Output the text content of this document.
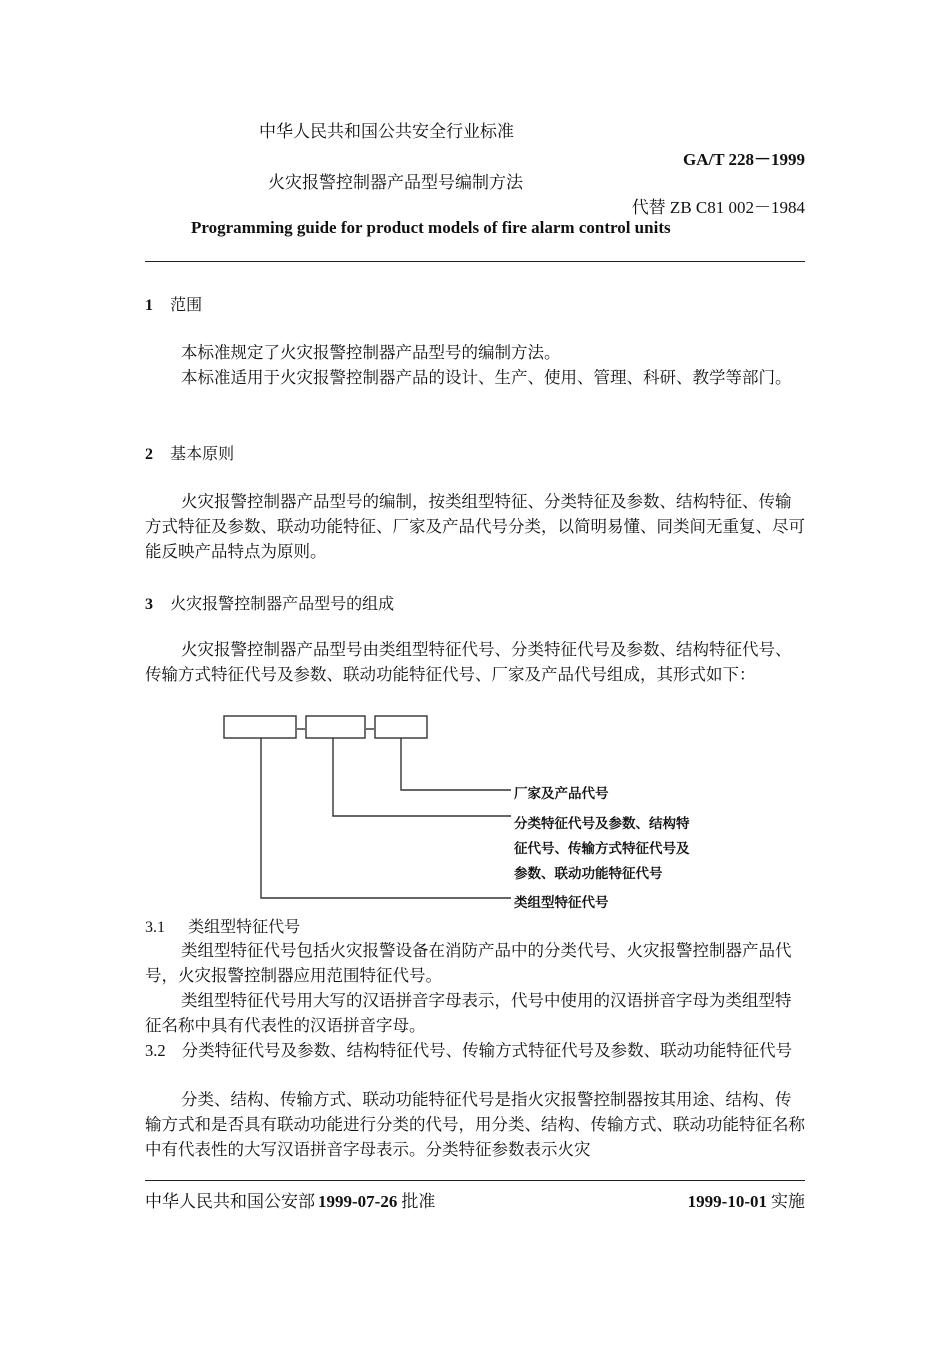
中华人民共和国公共安全行业标准
GA/T 228－1999
火灾报警控制器产品型号编制方法
代替 ZB C81 002－1984
Programming guide for product models of fire alarm control units
1 范围
本标准规定了火灾报警控制器产品型号的编制方法。
本标准适用于火灾报警控制器产品的设计、生产、使用、管理、科研、教学等部门。
2 基本原则
火灾报警控制器产品型号的编制，按类组型特征、分类特征及参数、结构特征、传输方式特征及参数、联动功能特征、厂家及产品代号分类，以简明易懂、同类间无重复、尽可能反映产品特点为原则。
3 火灾报警控制器产品型号的组成
火灾报警控制器产品型号由类组型特征代号、分类特征代号及参数、结构特征代号、传输方式特征代号及参数、联动功能特征代号、厂家及产品代号组成，其形式如下：
厂家及产品代号
分类特征代号及参数、结构特
征代号、传输方式特征代号及
参数、联动功能特征代号
类组型特征代号
3.1 类组型特征代号
类组型特征代号包括火灾报警设备在消防产品中的分类代号、火灾报警控制器产品代号，火灾报警控制器应用范围特征代号。
类组型特征代号用大写的汉语拼音字母表示，代号中使用的汉语拼音字母为类组型特征名称中具有代表性的汉语拼音字母。
3.2 分类特征代号及参数、结构特征代号、传输方式特征代号及参数、联动功能特征代号
分类、结构、传输方式、联动功能特征代号是指火灾报警控制器按其用途、结构、传输方式和是否具有联动功能进行分类的代号，用分类、结构、传输方式、联动功能特征名称中有代表性的大写汉语拼音字母表示。分类特征参数表示火灾
中华人民共和国公安部 1999-07-26 批准	1999-10-01 实施
